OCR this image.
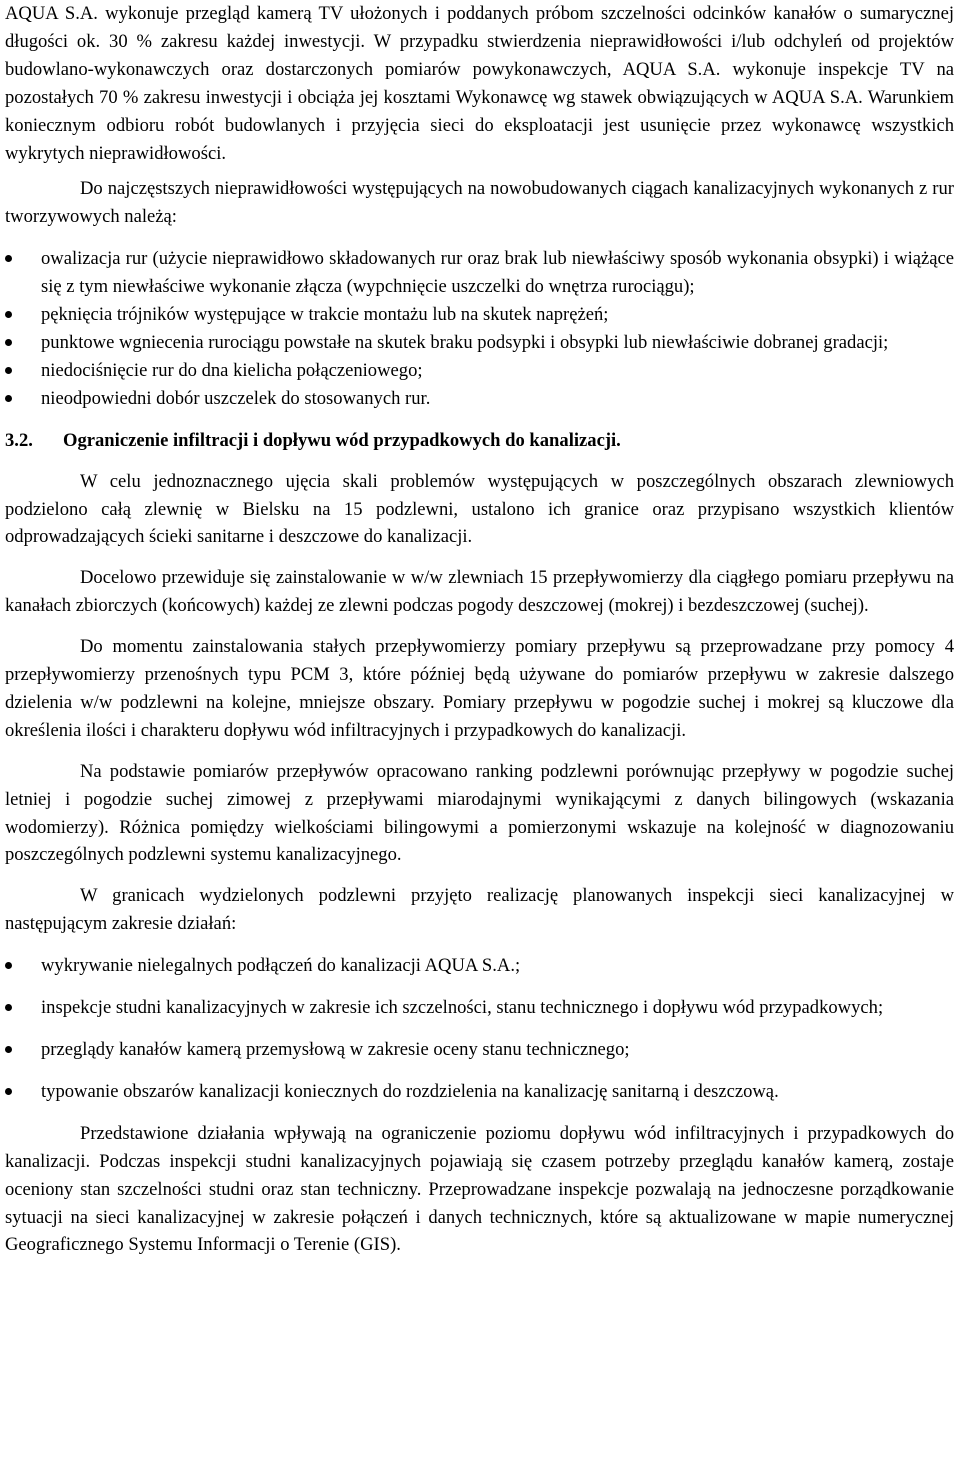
AQUA S.A. wykonuje przegląd kamerą TV ułożonych i poddanych próbom szczelności odcinków kanałów o sumarycznej długości ok. 30 % zakresu każdej inwestycji. W przypadku stwierdzenia nieprawidłowości i/lub odchyleń od projektów budowlano-wykonawczych oraz dostarczonych pomiarów powykonawczych, AQUA S.A. wykonuje inspekcje TV na pozostałych 70 % zakresu inwestycji i obciąża jej kosztami Wykonawcę wg stawek obwiązujących w AQUA S.A. Warunkiem koniecznym odbioru robót budowlanych i przyjęcia sieci do eksploatacji jest usunięcie przez wykonawcę wszystkich wykrytych nieprawidłowości.

Do najczęstszych nieprawidłowości występujących na nowobudowanych ciągach kanalizacyjnych wykonanych z rur tworzywowych należą:

owalizacja rur (użycie nieprawidłowo składowanych rur oraz brak lub niewłaściwy sposób wykonania obsypki) i wiążące się z tym niewłaściwe wykonanie złącza (wypchnięcie uszczelki do wnętrza rurociągu);
pęknięcia trójników występujące w trakcie montażu lub na skutek naprężeń;
punktowe wgniecenia rurociągu powstałe na skutek braku podsypki i obsypki lub niewłaściwie dobranej gradacji;
niedociśnięcie rur do dna kielicha połączeniowego;
nieodpowiedni dobór uszczelek do stosowanych rur.
3.2.	Ograniczenie infiltracji i dopływu wód przypadkowych do kanalizacji.

W celu jednoznacznego ujęcia skali problemów występujących w poszczególnych obszarach zlewniowych podzielono całą zlewnię w Bielsku na 15 podzlewni, ustalono ich granice oraz przypisano wszystkich klientów odprowadzających ścieki sanitarne i deszczowe do kanalizacji.

Docelowo przewiduje się zainstalowanie w w/w zlewniach 15 przepływomierzy dla ciągłego pomiaru przepływu na kanałach zbiorczych (końcowych) każdej ze zlewni podczas pogody deszczowej (mokrej) i bezdeszczowej (suchej).

Do momentu zainstalowania stałych przepływomierzy pomiary przepływu są przeprowadzane przy pomocy 4 przepływomierzy przenośnych typu PCM 3, które później będą używane do pomiarów przepływu w zakresie dalszego dzielenia w/w podzlewni na kolejne, mniejsze obszary. Pomiary przepływu w pogodzie suchej i mokrej są kluczowe dla określenia ilości i charakteru dopływu wód infiltracyjnych i przypadkowych do kanalizacji.

Na podstawie pomiarów przepływów opracowano ranking podzlewni porównując przepływy w pogodzie suchej letniej i pogodzie suchej zimowej z przepływami miarodajnymi wynikającymi z danych bilingowych (wskazania wodomierzy). Różnica pomiędzy wielkościami bilingowymi a pomierzonymi wskazuje na kolejność w diagnozowaniu poszczególnych podzlewni systemu kanalizacyjnego.

W granicach wydzielonych podzlewni przyjęto realizację planowanych inspekcji sieci kanalizacyjnej w następującym zakresie działań:

wykrywanie nielegalnych podłączeń do kanalizacji AQUA S.A.;
inspekcje studni kanalizacyjnych w zakresie ich szczelności, stanu technicznego i dopływu wód przypadkowych;
przeglądy kanałów kamerą przemysłową w zakresie oceny stanu technicznego;
typowanie obszarów kanalizacji koniecznych do rozdzielenia na kanalizację sanitarną i deszczową.

Przedstawione działania wpływają na ograniczenie poziomu dopływu wód infiltracyjnych i przypadkowych do kanalizacji. Podczas inspekcji studni kanalizacyjnych pojawiają się czasem potrzeby przeglądu kanałów kamerą, zostaje oceniony stan szczelności studni oraz stan techniczny. Przeprowadzane inspekcje pozwalają na jednoczesne porządkowanie sytuacji na sieci kanalizacyjnej w zakresie połączeń i danych technicznych, które są aktualizowane w mapie numerycznej Geograficznego Systemu Informacji o Terenie (GIS).
